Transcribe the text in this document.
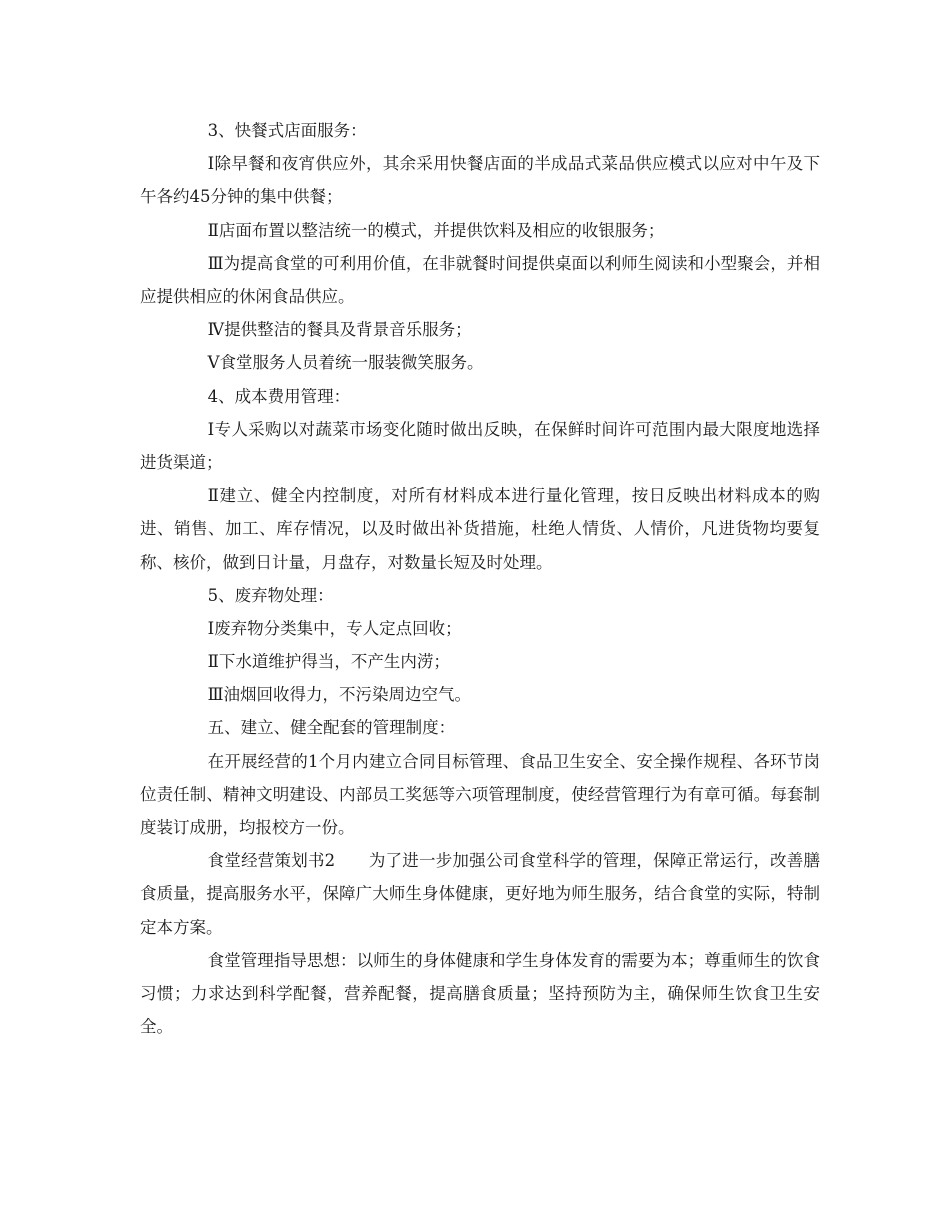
3、快餐式店面服务：

Ⅰ除早餐和夜宵供应外，其余采用快餐店面的半成品式菜品供应模式以应对中午及下午各约45分钟的集中供餐；

Ⅱ店面布置以整洁统一的模式，并提供饮料及相应的收银服务；

Ⅲ为提高食堂的可利用价值，在非就餐时间提供桌面以利师生阅读和小型聚会，并相应提供相应的休闲食品供应。

Ⅳ提供整洁的餐具及背景音乐服务；

Ⅴ食堂服务人员着统一服装微笑服务。

4、成本费用管理：

Ⅰ专人采购以对蔬菜市场变化随时做出反映，在保鲜时间许可范围内最大限度地选择进货渠道；

Ⅱ建立、健全内控制度，对所有材料成本进行量化管理，按日反映出材料成本的购进、销售、加工、库存情况，以及时做出补货措施，杜绝人情货、人情价，凡进货物均要复称、核价，做到日计量，月盘存，对数量长短及时处理。

5、废弃物处理：

Ⅰ废弃物分类集中，专人定点回收；

Ⅱ下水道维护得当，不产生内涝；

Ⅲ油烟回收得力，不污染周边空气。

五、建立、健全配套的管理制度：

在开展经营的1个月内建立合同目标管理、食品卫生安全、安全操作规程、各环节岗位责任制、精神文明建设、内部员工奖惩等六项管理制度，使经营管理行为有章可循。每套制度装订成册，均报校方一份。

食堂经营策划书2　　为了进一步加强公司食堂科学的管理，保障正常运行，改善膳食质量，提高服务水平，保障广大师生身体健康，更好地为师生服务，结合食堂的实际，特制定本方案。

食堂管理指导思想：以师生的身体健康和学生身体发育的需要为本；尊重师生的饮食习惯；力求达到科学配餐，营养配餐，提高膳食质量；坚持预防为主，确保师生饮食卫生安全。
